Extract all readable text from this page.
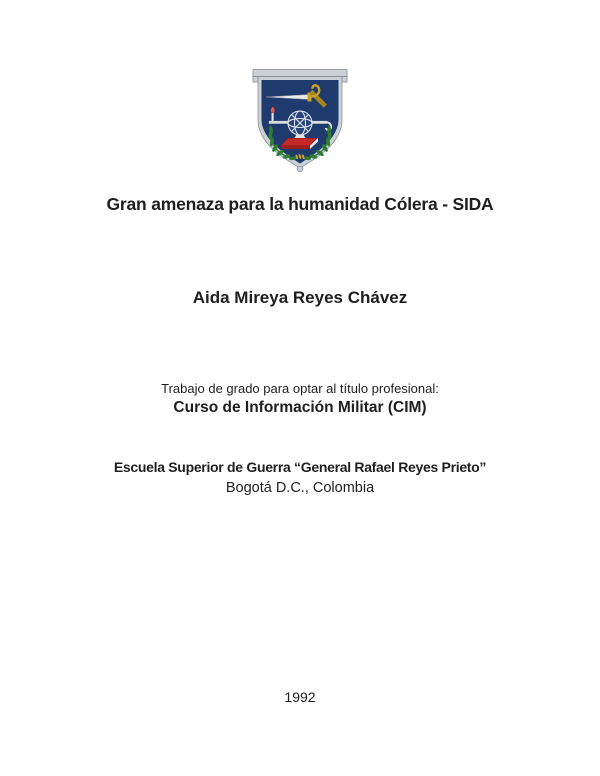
Gran amenaza para la humanidad Cólera - SIDA
Aida Mireya Reyes Chávez
Trabajo de grado para optar al título profesional:
Curso de Información Militar (CIM)
Escuela Superior de Guerra “General Rafael Reyes Prieto”
Bogotá D.C., Colombia
1992
